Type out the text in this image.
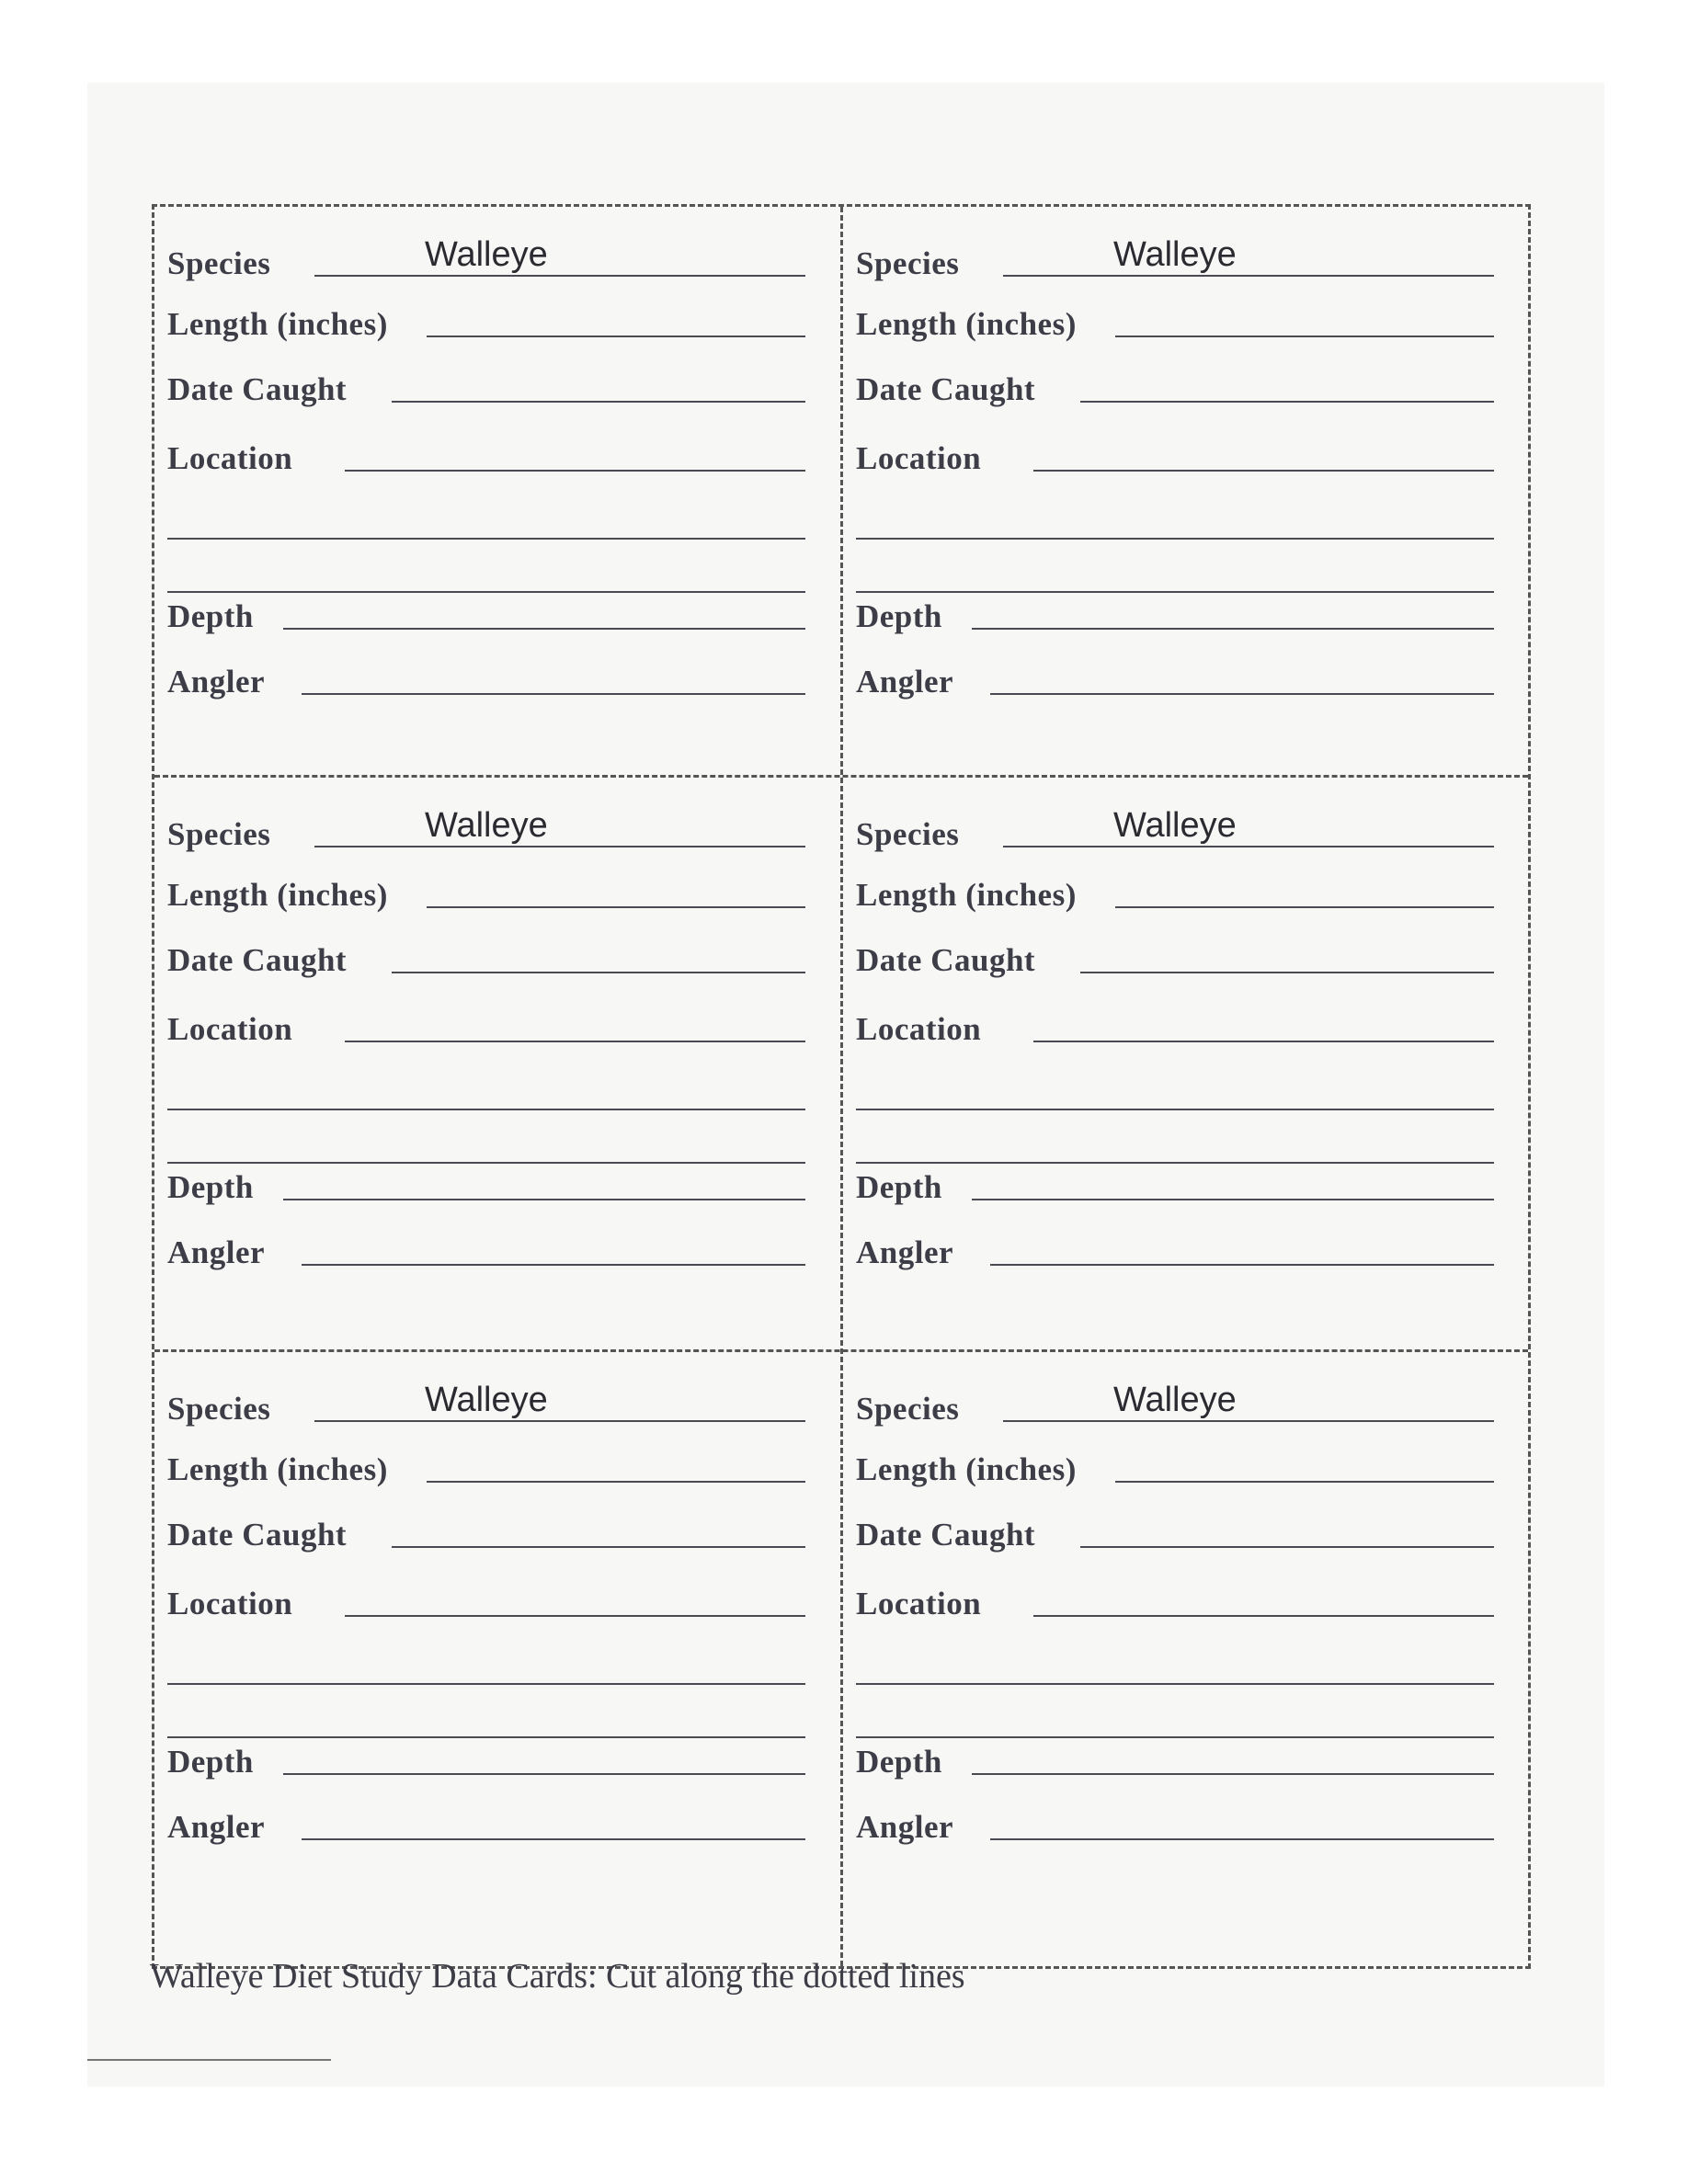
Species	Walleye
Length (inches)
Date Caught
Location
Depth
Angler
Species	Walleye
Length (inches)
Date Caught
Location
Depth
Angler
Species	Walleye
Length (inches)
Date Caught
Location
Depth
Angler
Species	Walleye
Length (inches)
Date Caught
Location
Depth
Angler
Species	Walleye
Length (inches)
Date Caught
Location
Depth
Angler
Species	Walleye
Length (inches)
Date Caught
Location
Depth
Angler
Walleye Diet Study Data Cards: Cut along the dotted lines
